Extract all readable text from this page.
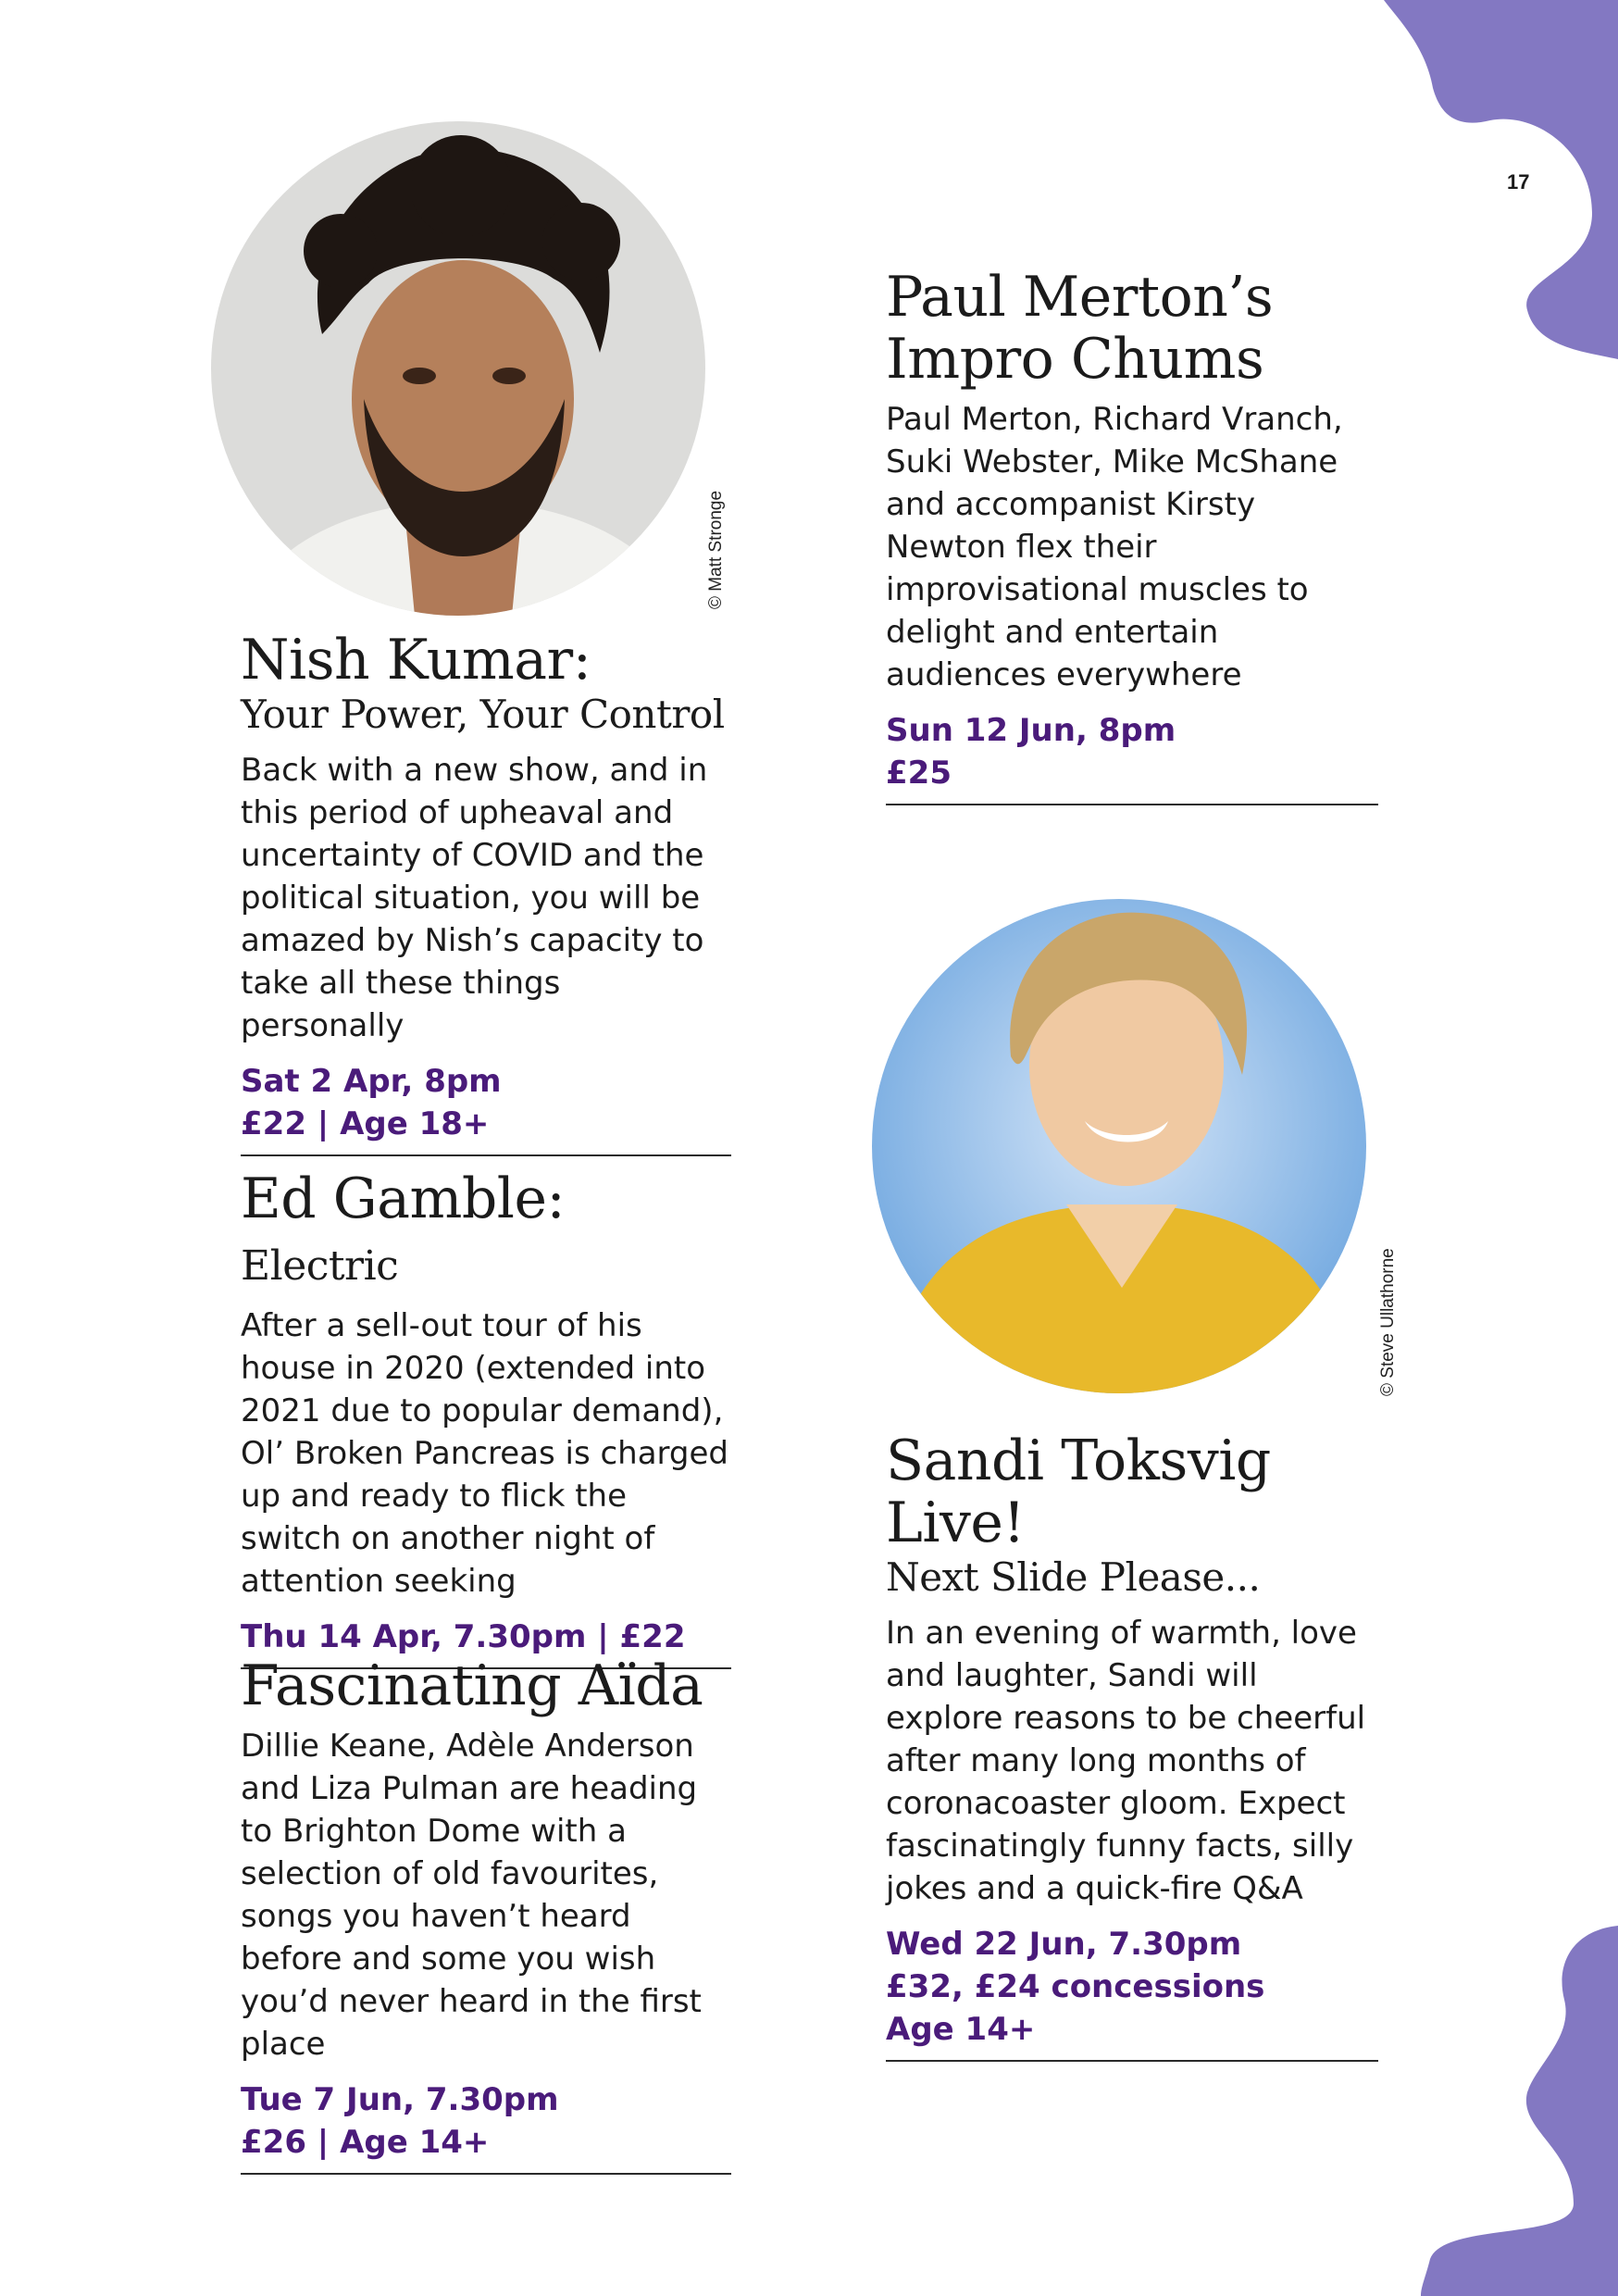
17
© Matt Stronge
© Steve Ullathorne
Nish Kumar:
Your Power, Your Control

Back with a new show, and in this period of upheaval and uncertainty of COVID and the political situation, you will be amazed by Nish’s capacity to take all these things personally

Sat 2 Apr, 8pm

£22 | Age 18+

Ed Gamble: Electric

After a sell-out tour of his house in 2020 (extended into 2021 due to popular demand), Ol’ Broken Pancreas is charged up and ready to flick the switch on another night of attention seeking

Thu 14 Apr, 7.30pm | £22

Fascinating Aïda

Dillie Keane, Adèle Anderson and Liza Pulman are heading to Brighton Dome with a selection of old favourites, songs you haven’t heard before and some you wish you’d never heard in the first place

Tue 7 Jun, 7.30pm

£26 | Age 14+

Paul Merton’s
Impro Chums

Paul Merton, Richard Vranch, Suki Webster, Mike McShane and accompanist Kirsty Newton flex their improvisational muscles to delight and entertain audiences everywhere

Sun 12 Jun, 8pm

£25

Sandi Toksvig Live!
Next Slide Please...

In an evening of warmth, love and laughter, Sandi will explore reasons to be cheerful after many long months of coronacoaster gloom. Expect fascinatingly funny facts, silly jokes and a quick-fire Q&A

Wed 22 Jun, 7.30pm

£32, £24 concessions

Age 14+
